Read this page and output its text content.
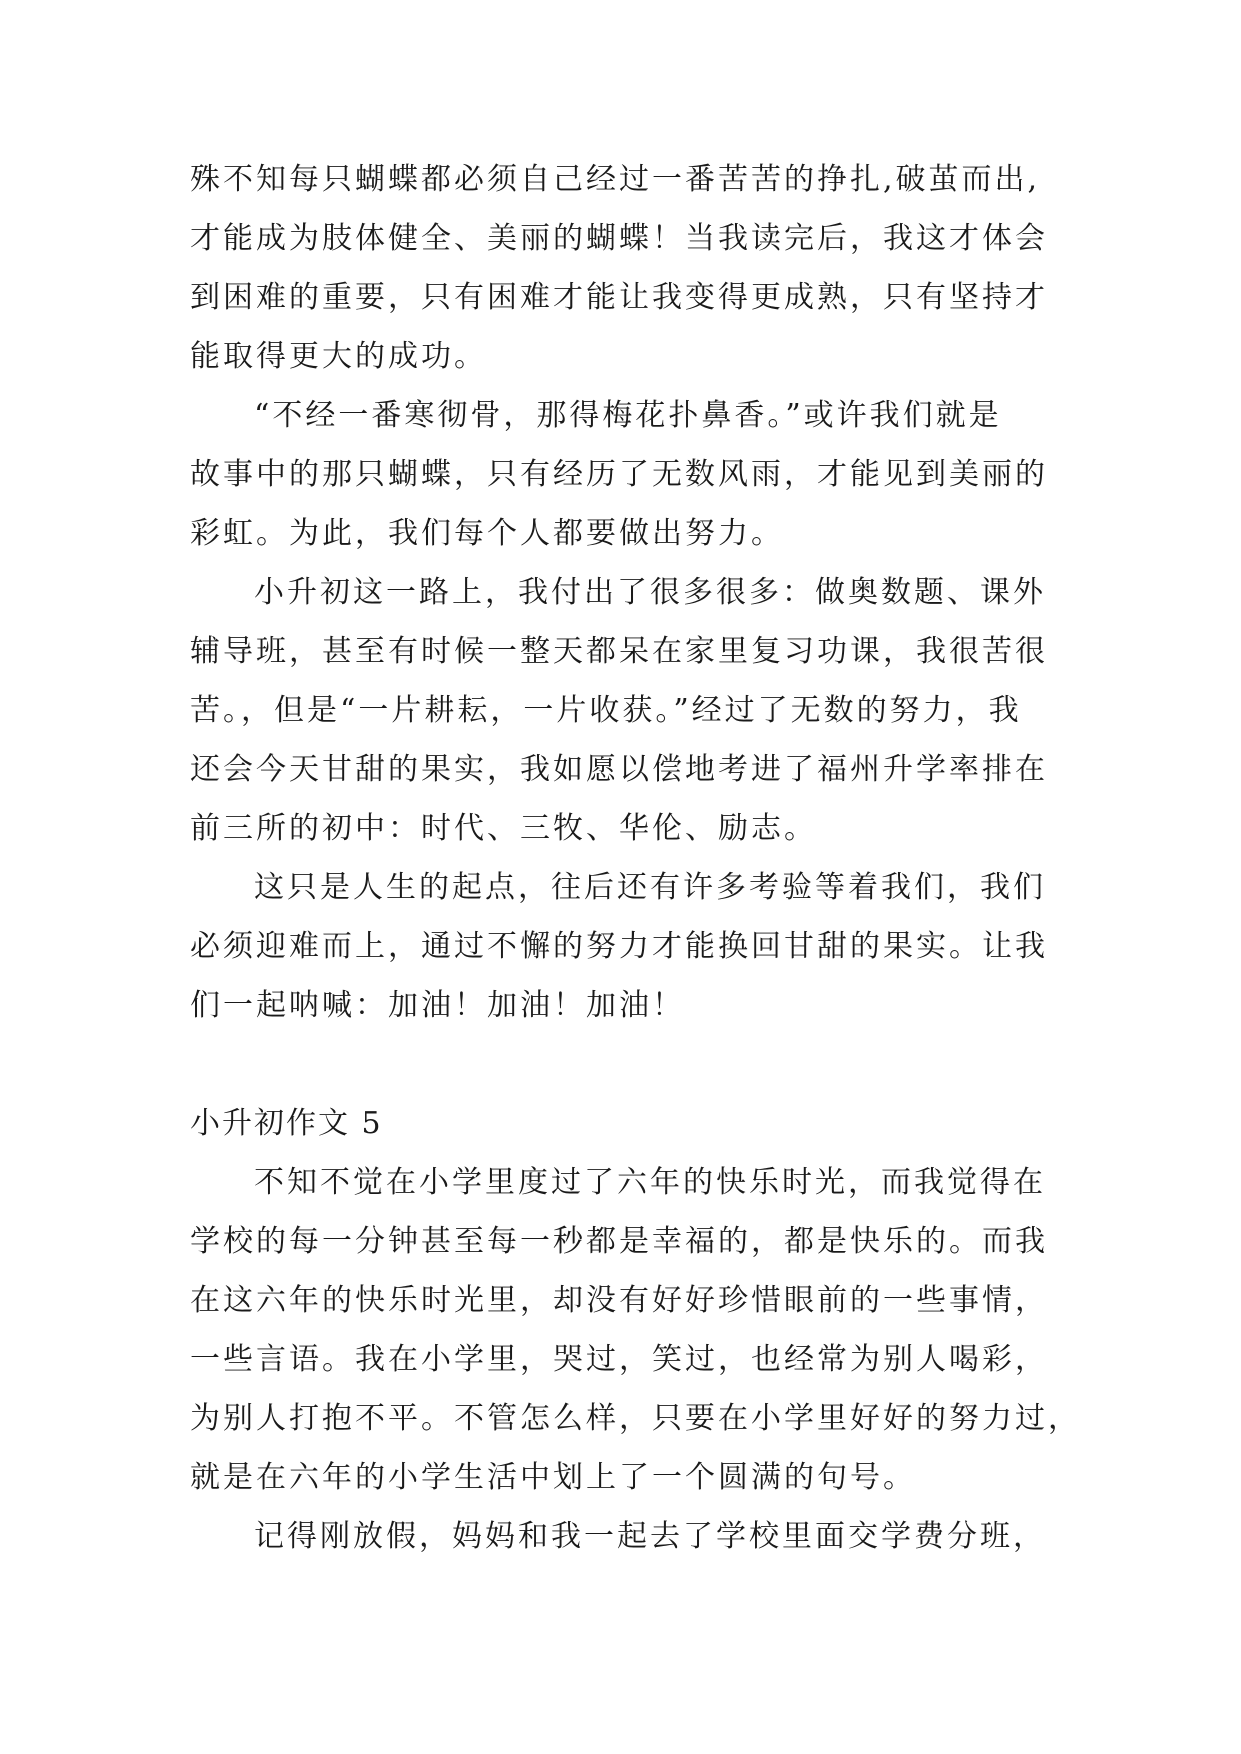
殊不知每只蝴蝶都必须自己经过一番苦苦的挣扎,破茧而出,
才能成为肢体健全、美丽的蝴蝶！当我读完后，我这才体会
到困难的重要，只有困难才能让我变得更成熟，只有坚持才
能取得更大的成功。
“不经一番寒彻骨，那得梅花扑鼻香。”或许我们就是
故事中的那只蝴蝶，只有经历了无数风雨，才能见到美丽的
彩虹。为此，我们每个人都要做出努力。
小升初这一路上，我付出了很多很多：做奥数题、课外
辅导班，甚至有时候一整天都呆在家里复习功课，我很苦很
苦。，但是“一片耕耘，一片收获。”经过了无数的努力，我
还会今天甘甜的果实，我如愿以偿地考进了福州升学率排在
前三所的初中：时代、三牧、华伦、励志。
这只是人生的起点，往后还有许多考验等着我们，我们
必须迎难而上，通过不懈的努力才能换回甘甜的果实。让我
们一起呐喊：加油！加油！加油！
小升初作文 5
不知不觉在小学里度过了六年的快乐时光，而我觉得在
学校的每一分钟甚至每一秒都是幸福的，都是快乐的。而我
在这六年的快乐时光里，却没有好好珍惜眼前的一些事情，
一些言语。我在小学里，哭过，笑过，也经常为别人喝彩，
为别人打抱不平。不管怎么样，只要在小学里好好的努力过，
就是在六年的小学生活中划上了一个圆满的句号。
记得刚放假，妈妈和我一起去了学校里面交学费分班，
